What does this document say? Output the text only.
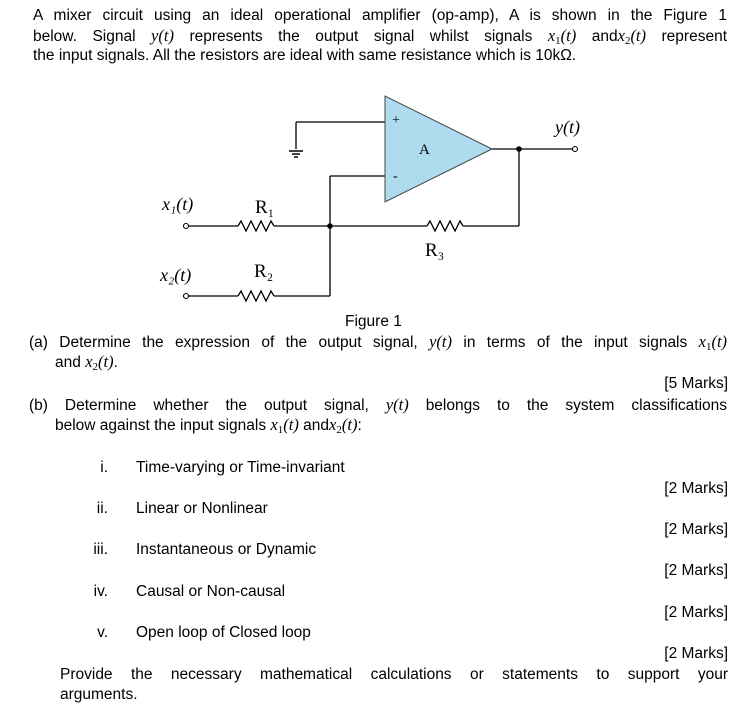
A mixer circuit using an ideal operational amplifier (op-amp), A is shown in the Figure 1
below. Signal y(t) represents the output signal whilst signals $x_1(t)$ andx$_2$(t) represent
the input signals. All the resistors are ideal with same resistance which is 10kΩ.
+
-
A
y(t)
x₁(t)
x₂(t)
R₁
R₂
R₃
Figure 1
(a) Determine the expression of the output signal, y(t) in terms of the input signals $x_1(t)$
and $x_2(t)$.
[5 Marks]
(b) Determine whether the output signal, y(t) belongs to the system classifications
below against the input signals $x_1(t)$ andx$_2$(t):
i. Time-varying or Time-invariant
[2 Marks]
ii. Linear or Nonlinear
[2 Marks]
iii. Instantaneous or Dynamic
[2 Marks]
iv. Causal or Non-causal
[2 Marks]
v. Open loop of Closed loop
[2 Marks]
Provide the necessary mathematical calculations or statements to support your
arguments.
